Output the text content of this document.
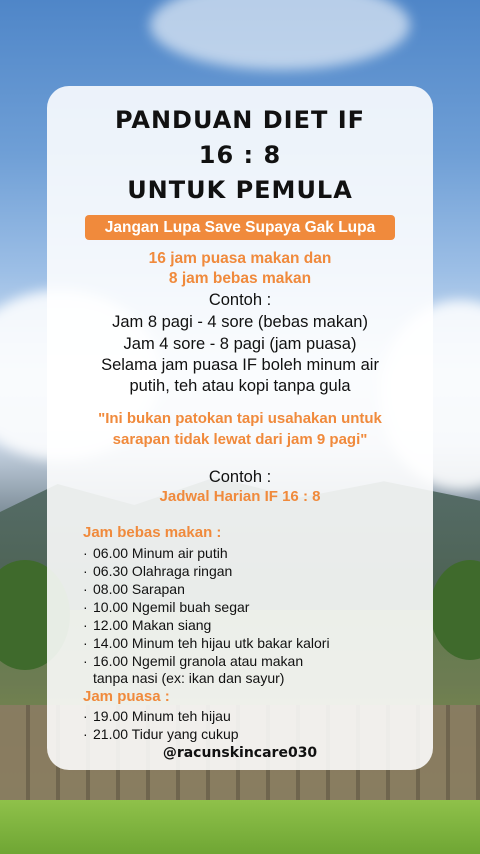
PANDUAN DIET IF
16 : 8
UNTUK PEMULA
Jangan Lupa Save Supaya Gak Lupa
16 jam puasa makan dan
8 jam bebas makan
Contoh :
Jam 8 pagi - 4 sore (bebas makan)
Jam 4 sore - 8 pagi (jam puasa)
Selama jam puasa IF boleh minum air
putih, teh atau kopi tanpa gula
"Ini bukan patokan tapi usahakan untuk
sarapan tidak lewat dari jam 9 pagi"
Contoh :
Jadwal Harian IF 16 : 8
Jam bebas makan :
· 06.00 Minum air putih
· 06.30 Olahraga ringan
· 08.00 Sarapan
· 10.00 Ngemil buah segar
· 12.00 Makan siang
· 14.00 Minum teh hijau utk bakar kalori
· 16.00 Ngemil granola atau makan
tanpa nasi (ex: ikan dan sayur)
Jam puasa :
· 19.00 Minum teh hijau
· 21.00 Tidur yang cukup
@racunskincare030
